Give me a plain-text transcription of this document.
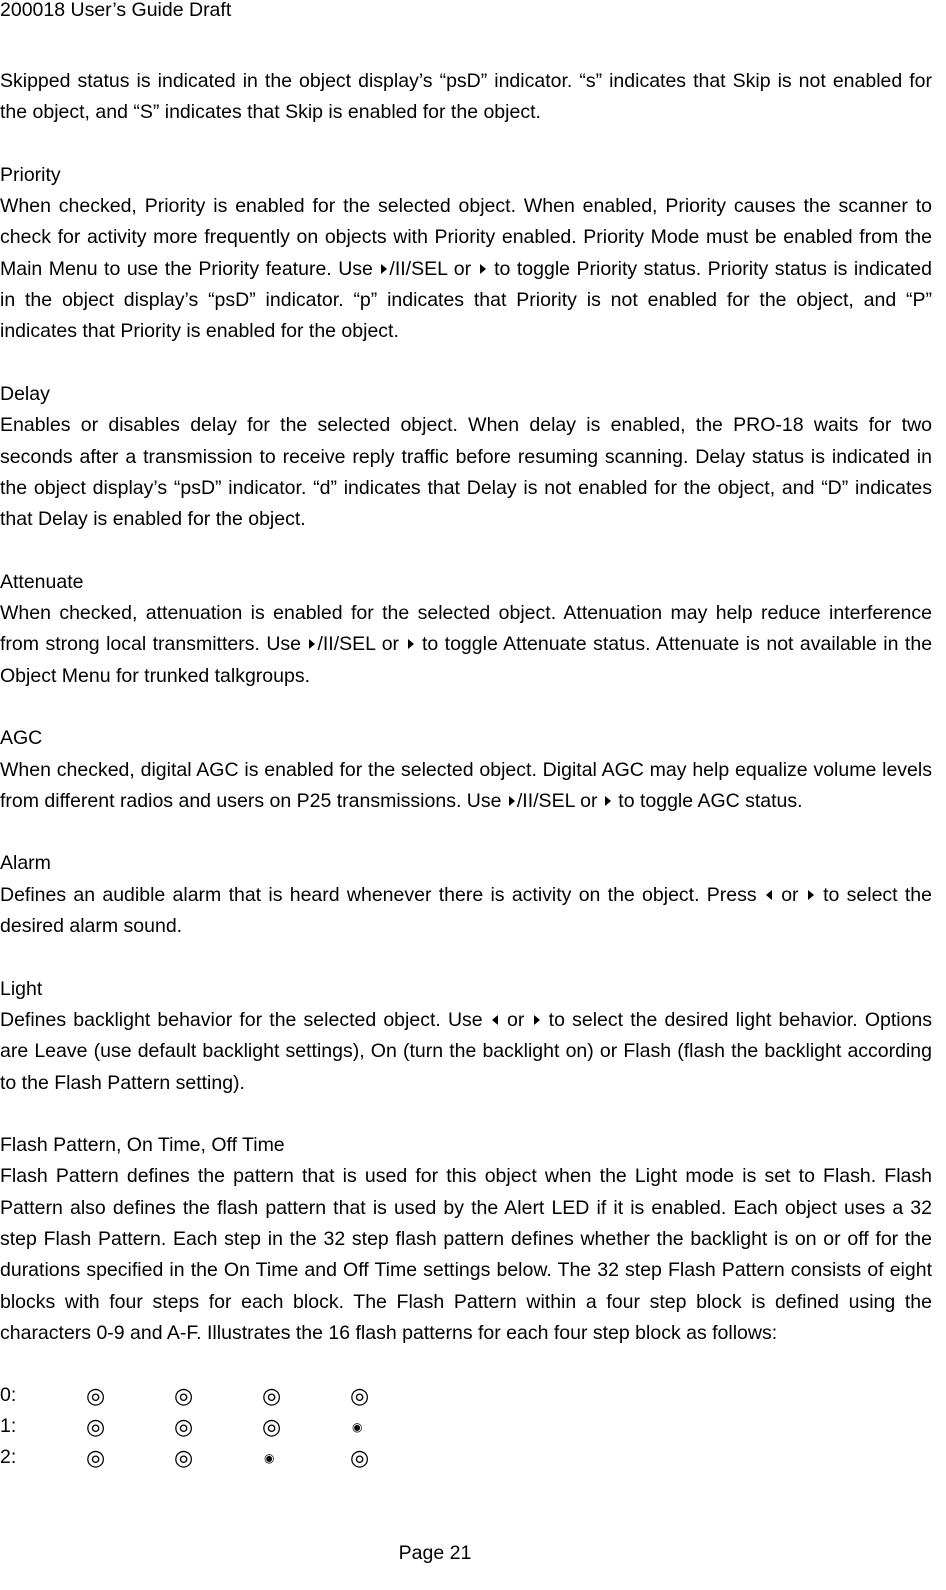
200018 User’s Guide Draft

Skipped status is indicated in the object display’s “psD” indicator. “s” indicates that Skip is not enabled for the object, and “S” indicates that Skip is enabled for the object.

Priority

When checked, Priority is enabled for the selected object. When enabled, Priority causes the scanner to check for activity more frequently on objects with Priority enabled. Priority Mode must be enabled from the Main Menu to use the Priority feature. Use /II/SEL or to toggle Priority status. Priority status is indicated in the object display’s “psD” indicator. “p” indicates that Priority is not enabled for the object, and “P” indicates that Priority is enabled for the object.

Delay

Enables or disables delay for the selected object. When delay is enabled, the PRO-18 waits for two seconds after a transmission to receive reply traffic before resuming scanning. Delay status is indicated in the object display’s “psD” indicator. “d” indicates that Delay is not enabled for the object, and “D” indicates that Delay is enabled for the object.

Attenuate

When checked, attenuation is enabled for the selected object. Attenuation may help reduce interference from strong local transmitters. Use /II/SEL or to toggle Attenuate status. Attenuate is not available in the Object Menu for trunked talkgroups.

AGC

When checked, digital AGC is enabled for the selected object. Digital AGC may help equalize volume levels from different radios and users on P25 transmissions. Use /II/SEL or to toggle AGC status.

Alarm

Defines an audible alarm that is heard whenever there is activity on the object. Press or to select the desired alarm sound.

Light

Defines backlight behavior for the selected object. Use or to select the desired light behavior. Options are Leave (use default backlight settings), On (turn the backlight on) or Flash (flash the backlight according to the Flash Pattern setting).

Flash Pattern, On Time, Off Time

Flash Pattern defines the pattern that is used for this object when the Light mode is set to Flash. Flash Pattern also defines the flash pattern that is used by the Alert LED if it is enabled. Each object uses a 32 step Flash Pattern. Each step in the 32 step flash pattern defines whether the backlight is on or off for the durations specified in the On Time and Off Time settings below. The 32 step Flash Pattern consists of eight blocks with four steps for each block. The Flash Pattern within a four step block is defined using the characters 0-9 and A-F. Illustrates the 16 flash patterns for each four step block as follows:

0:	◎	◎	◎	◎
1:	◎	◎	◎	◉
2:	◎	◎	◉	◎
Page 21
